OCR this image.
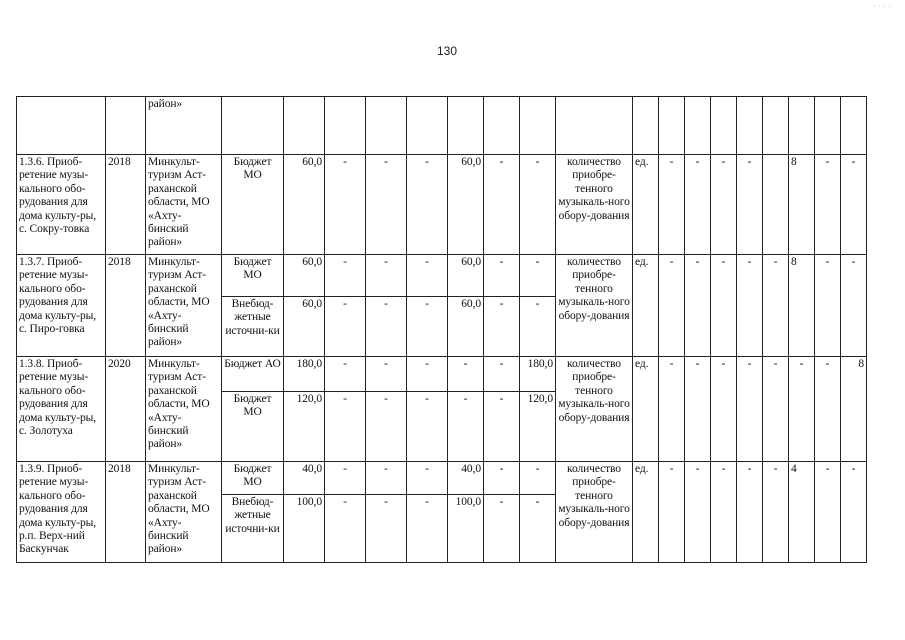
· · · ·
130
		район»																		
1.3.6. Приоб-ретение музы-кального обо-рудования для дома культу-ры, с. Сокру-товка	2018	Минкульт-туризм Аст-раханской области, МО «Ахту-бинский район»	Бюджет МО	60,0	-	-	-	60,0	-	-	количество приобре-тенного музыкаль-ного обору-дования	ед.	-	-	-	-		8	-	-
1.3.7. Приоб-ретение музы-кального обо-рудования для дома культу-ры, с. Пиро-говка	2018	Минкульт-туризм Аст-раханской области, МО «Ахту-бинский район»	Бюджет МО	60,0	-	-	-	60,0	-	-	количество приобре-тенного музыкаль-ного обору-дования	ед.	-	-	-	-	-	8	-	-
			Внебюд-жетные источни-ки	60,0	-	-	-	60,0	-	-										
1.3.8. Приоб-ретение музы-кального обо-рудования для дома культу-ры, с. Золотуха	2020	Минкульт-туризм Аст-раханской области, МО «Ахту-бинский район»	Бюджет АО	180,0	-	-	-	-	-	180,0	количество приобре-тенного музыкаль-ного обору-дования	ед.	-	-	-	-	-	-	-	8
			Бюджет МО	120,0	-	-	-	-	-	120,0										
1.3.9. Приоб-ретение музы-кального обо-рудования для дома культу-ры, р.п. Верх-ний Баскунчак	2018	Минкульт-туризм Аст-раханской области, МО «Ахту-бинский район»	Бюджет МО	40,0	-	-	-	40,0	-	-	количество приобре-тенного музыкаль-ного обору-дования	ед.	-	-	-	-	-	4	-	-
			Внебюд-жетные источни-ки	100,0	-	-	-	100,0	-	-										
